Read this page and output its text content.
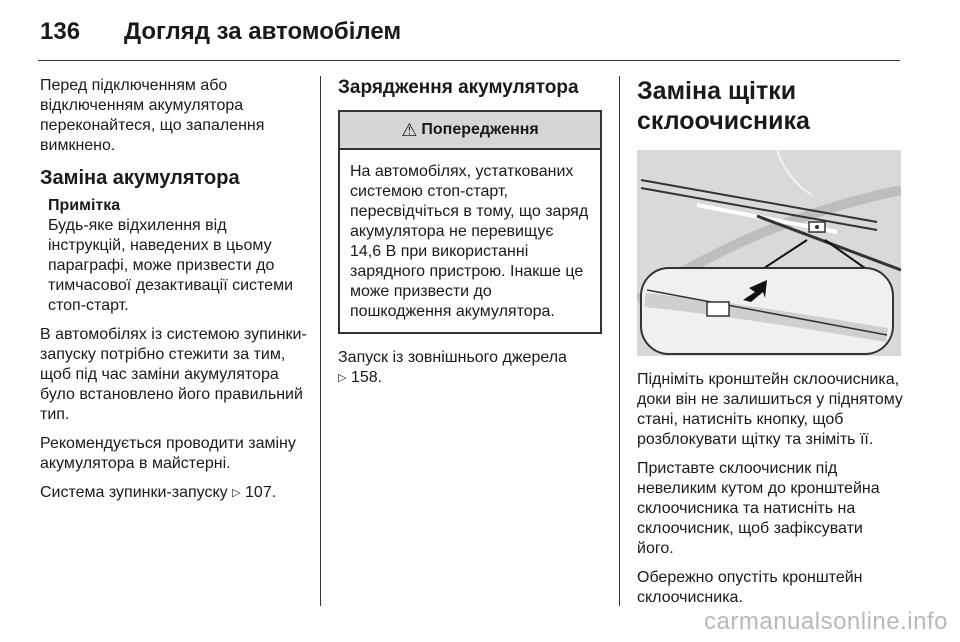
136 Догляд за автомобілем

Перед підключенням або
відключенням акумулятора
переконайтеся, що запалення
вимкнено.

Заміна акумулятора
Примітка

Будь-яке відхилення від
інструкцій, наведених в цьому
параграфі, може призвести до
тимчасової дезактивації системи
стоп-старт.

В автомобілях із системою зупинки-
запуску потрібно стежити за тим,
щоб під час заміни акумулятора
було встановлено його правильний
тип.

Рекомендується проводити заміну
акумулятора в майстерні.

Система зупинки-запуску ▷ 107.

Зарядження акумулятора
⚠ Попередження
На автомобілях, устаткованих
системою стоп-старт,
пересвідчіться в тому, що заряд
акумулятора не перевищує
14,6 В при використанні
зарядного пристрою. Інакше це
може призвести до
пошкодження акумулятора.

Запуск із зовнішнього джерела
▷ 158.

Заміна щітки
склоочисника

Підніміть кронштейн склоочисника,
доки він не залишиться у піднятому
стані, натисніть кнопку, щоб
розблокувати щітку та зніміть її.

Приставте склоочисник під
невеликим кутом до кронштейна
склоочисника та натисніть на
склоочисник, щоб зафіксувати
його.

Обережно опустіть кронштейн
склоочисника.

carmanualsonline.info
